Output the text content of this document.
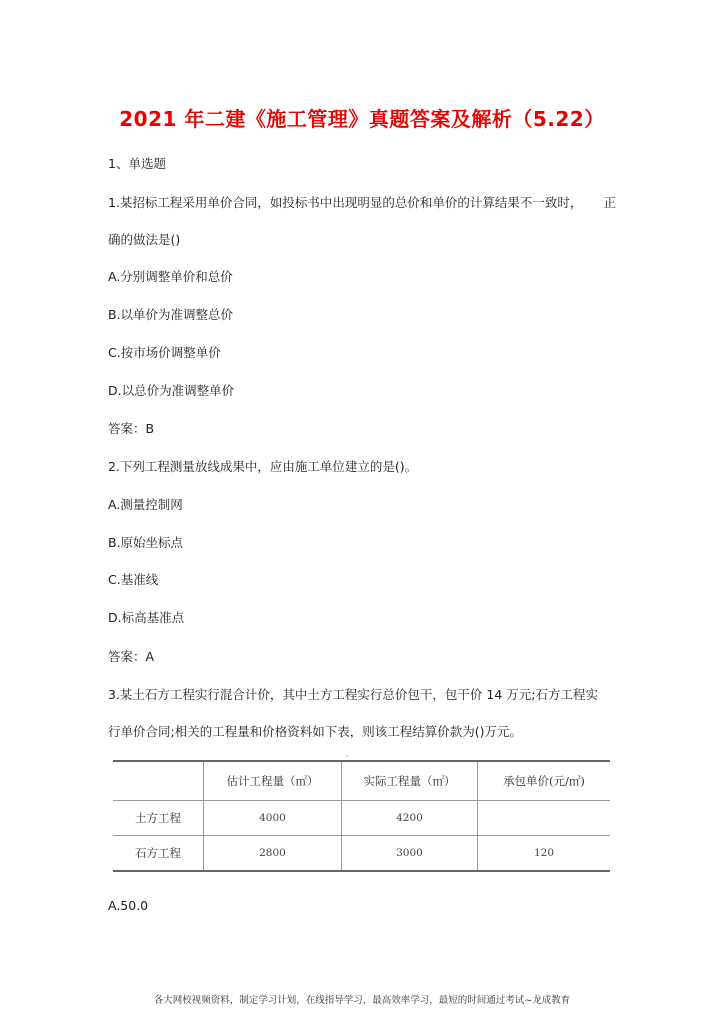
2021 年二建《施工管理》真题答案及解析（5.22）
1、单选题
1.某招标工程采用单价合同，如投标书中出现明显的总价和单价的计算结果不一致时， 正
确的做法是()
A.分别调整单价和总价
B.以单价为准调整总价
C.按市场价调整单价
D.以总价为准调整单价
答案：B
2.下列工程测量放线成果中，应由施工单位建立的是()。
A.测量控制网
B.原始坐标点
C.基准线
D.标高基准点
答案：A
3.某土石方工程实行混合计价，其中土方工程实行总价包干，包干价 14 万元;石方工程实
行单价合同;相关的工程量和价格资料如下表，则该工程结算价款为()万元。
·
	估计工程量（㎡）	实际工程量（㎡）	承包单价(元/㎡)
土方工程	4000	4200	
石方工程	2800	3000	120
A.50.0
各大网校视频资料，制定学习计划，在线指导学习，最高效率学习，最短的时间通过考试~龙成教育
